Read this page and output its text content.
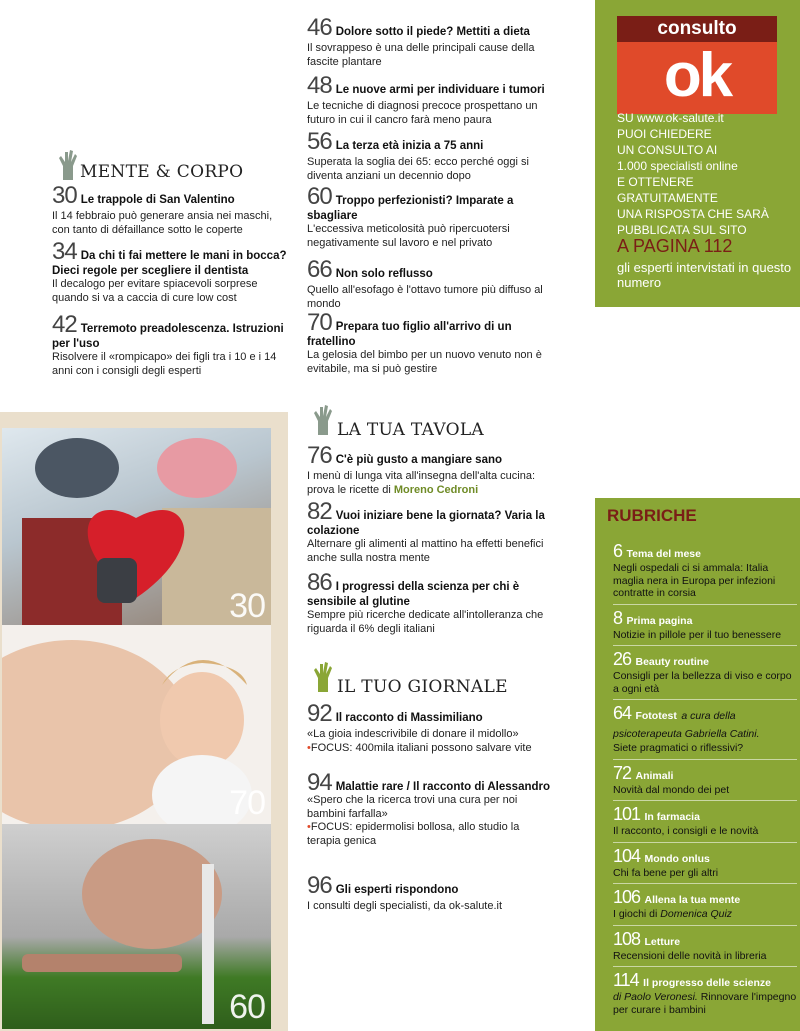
MENTE & CORPO
30 Le trappole di San Valentino
Il 14 febbraio può generare ansia nei maschi, con tanto di défaillance sotto le coperte
34 Da chi ti fai mettere le mani in bocca? Dieci regole per scegliere il dentista
Il decalogo per evitare spiacevoli sorprese quando si va a caccia di cure low cost
42 Terremoto preadolescenza. Istruzioni per l'uso
Risolvere il «rompicapo» dei figli tra i 10 e i 14 anni con i consigli degli esperti
30
70
60
46 Dolore sotto il piede? Mettiti a dieta
Il sovrappeso è una delle principali cause della fascite plantare
48 Le nuove armi per individuare i tumori
Le tecniche di diagnosi precoce prospettano un futuro in cui il cancro farà meno paura
56 La terza età inizia a 75 anni
Superata la soglia dei 65: ecco perché oggi si diventa anziani un decennio dopo
60 Troppo perfezionisti? Imparate a sbagliare
L'eccessiva meticolosità può ripercuotersi negativamente sul lavoro e nel privato
66 Non solo reflusso
Quello all'esofago è l'ottavo tumore più diffuso al mondo
70 Prepara tuo figlio all'arrivo di un fratellino
La gelosia del bimbo per un nuovo venuto non è evitabile, ma si può gestire
LA TUA TAVOLA
76 C'è più gusto a mangiare sano
I menù di lunga vita all'insegna dell'alta cucina: prova le ricette di Moreno Cedroni
82 Vuoi iniziare bene la giornata? Varia la colazione
Alternare gli alimenti al mattino ha effetti benefici anche sulla nostra mente
86 I progressi della scienza per chi è sensibile al glutine
Sempre più ricerche dedicate all'intolleranza che riguarda il 6% degli italiani
IL TUO GIORNALE
92 Il racconto di Massimiliano
«La gioia indescrivibile di donare il midollo»
•FOCUS: 400mila italiani possono salvare vite
94 Malattie rare / Il racconto di Alessandro
«Spero che la ricerca trovi una cura per noi bambini farfalla»
•FOCUS: epidermolisi bollosa, allo studio la terapia genica
96 Gli esperti rispondono
I consulti degli specialisti, da ok-salute.it
consulto
ok
SU www.ok-salute.it
PUOI CHIEDERE
UN CONSULTO AI
1.000 specialisti online
E OTTENERE GRATUITAMENTE
UNA RISPOSTA CHE SARÀ
PUBBLICATA SUL SITO
A PAGINA 112
gli esperti intervistati in questo numero
RUBRICHE
6 Tema del mese
Negli ospedali ci si ammala: Italia maglia nera in Europa per infezioni contratte in corsia
8 Prima pagina
Notizie in pillole per il tuo benessere
26 Beauty routine
Consigli per la bellezza di viso e corpo a ogni età
64 Fototest a cura della psicoterapeuta Gabriella Catini.
Siete pragmatici o riflessivi?
72 Animali
Novità dal mondo dei pet
101 In farmacia
Il racconto, i consigli e le novità
104 Mondo onlus
Chi fa bene per gli altri
106 Allena la tua mente
I giochi di Domenica Quiz
108 Letture
Recensioni delle novità in libreria
114 Il progresso delle scienze
di Paolo Veronesi. Rinnovare l'impegno per curare i bambini
